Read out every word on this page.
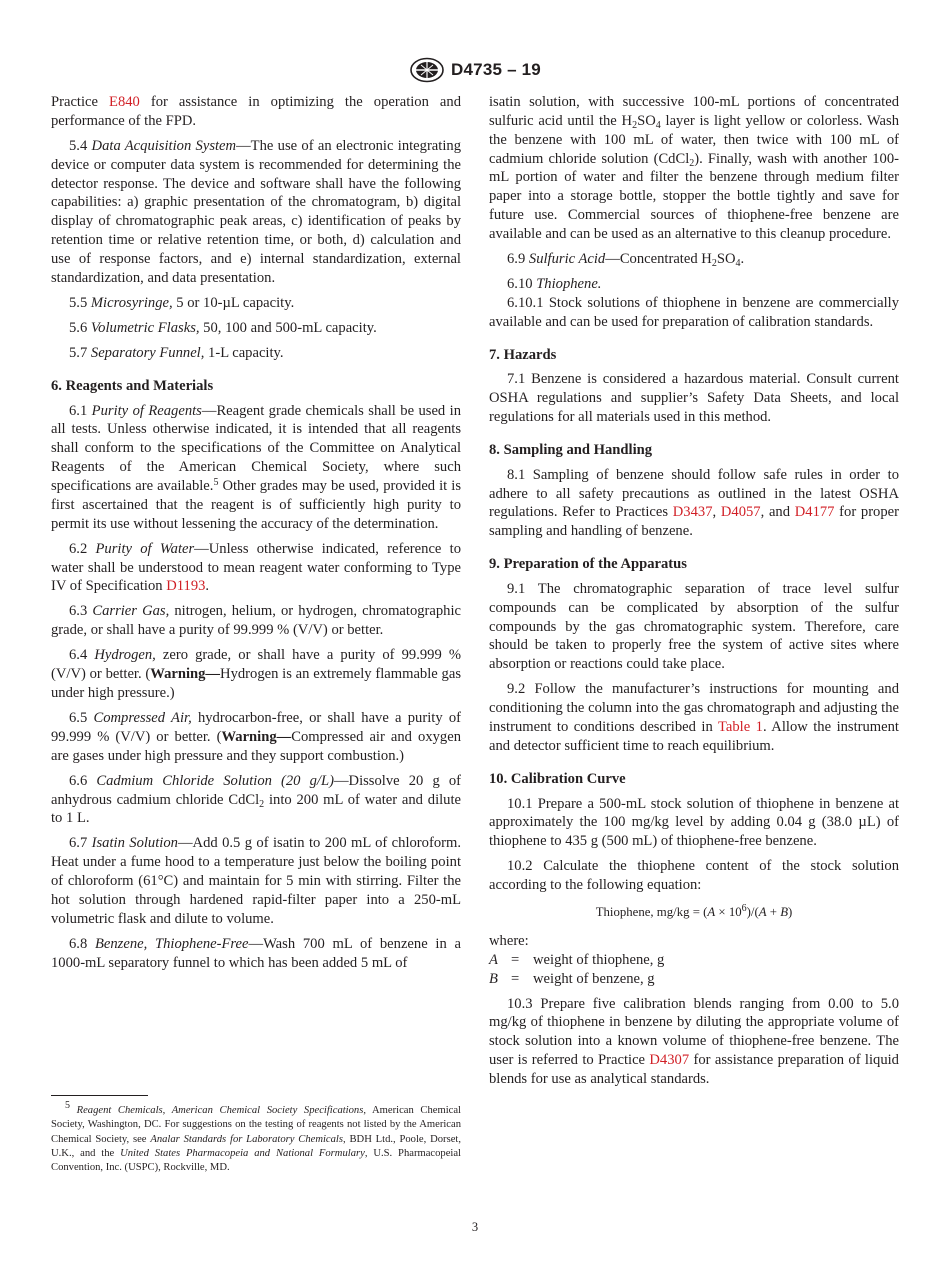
D4735 – 19

Practice E840 for assistance in optimizing the operation and performance of the FPD.

5.4 Data Acquisition System—The use of an electronic integrating device or computer data system is recommended for determining the detector response. The device and software shall have the following capabilities: a) graphic presentation of the chromatogram, b) digital display of chromatographic peak areas, c) identification of peaks by retention time or relative retention time, or both, d) calculation and use of response factors, and e) internal standardization, external standardization, and data presentation.

5.5 Microsyringe, 5 or 10-µL capacity.

5.6 Volumetric Flasks, 50, 100 and 500-mL capacity.

5.7 Separatory Funnel, 1-L capacity.

6. Reagents and Materials

6.1 Purity of Reagents—Reagent grade chemicals shall be used in all tests. Unless otherwise indicated, it is intended that all reagents shall conform to the specifications of the Committee on Analytical Reagents of the American Chemical Society, where such specifications are available.$^5$ Other grades may be used, provided it is first ascertained that the reagent is of sufficiently high purity to permit its use without lessening the accuracy of the determination.

6.2 Purity of Water—Unless otherwise indicated, reference to water shall be understood to mean reagent water conforming to Type IV of Specification D1193.

6.3 Carrier Gas, nitrogen, helium, or hydrogen, chromatographic grade, or shall have a purity of 99.999 % (V/V) or better.

6.4 Hydrogen, zero grade, or shall have a purity of 99.999 % (V/V) or better. (Warning—Hydrogen is an extremely flammable gas under high pressure.)

6.5 Compressed Air, hydrocarbon-free, or shall have a purity of 99.999 % (V/V) or better. (Warning—Compressed air and oxygen are gases under high pressure and they support combustion.)

6.6 Cadmium Chloride Solution (20 g/L)—Dissolve 20 g of anhydrous cadmium chloride CdCl$_2$ into 200 mL of water and dilute to 1 L.

6.7 Isatin Solution—Add 0.5 g of isatin to 200 mL of chloroform. Heat under a fume hood to a temperature just below the boiling point of chloroform (61°C) and maintain for 5 min with stirring. Filter the hot solution through hardened rapid-filter paper into a 250-mL volumetric flask and dilute to volume.

6.8 Benzene, Thiophene-Free—Wash 700 mL of benzene in a 1000-mL separatory funnel to which has been added 5 mL of

$^5$ Reagent Chemicals, American Chemical Society Specifications, American Chemical Society, Washington, DC. For suggestions on the testing of reagents not listed by the American Chemical Society, see Analar Standards for Laboratory Chemicals, BDH Ltd., Poole, Dorset, U.K., and the United States Pharmacopeia and National Formulary, U.S. Pharmacopeial Convention, Inc. (USPC), Rockville, MD.

isatin solution, with successive 100-mL portions of concentrated sulfuric acid until the $H_2SO_4$ layer is light yellow or colorless. Wash the benzene with 100 mL of water, then twice with 100 mL of cadmium chloride solution (CdCl$_2$). Finally, wash with another 100-mL portion of water and filter the benzene through medium filter paper into a storage bottle, stopper the bottle tightly and save for future use. Commercial sources of thiophene-free benzene are available and can be used as an alternative to this cleanup procedure.

6.9 Sulfuric Acid—Concentrated $H_2SO_4$.

6.10 Thiophene.

6.10.1 Stock solutions of thiophene in benzene are commercially available and can be used for preparation of calibration standards.

7. Hazards

7.1 Benzene is considered a hazardous material. Consult current OSHA regulations and supplier’s Safety Data Sheets, and local regulations for all materials used in this method.

8. Sampling and Handling

8.1 Sampling of benzene should follow safe rules in order to adhere to all safety precautions as outlined in the latest OSHA regulations. Refer to Practices D3437, D4057, and D4177 for proper sampling and handling of benzene.

9. Preparation of the Apparatus

9.1 The chromatographic separation of trace level sulfur compounds can be complicated by absorption of the sulfur compounds by the gas chromatographic system. Therefore, care should be taken to properly free the system of active sites where absorption or reactions could take place.

9.2 Follow the manufacturer’s instructions for mounting and conditioning the column into the gas chromatograph and adjusting the instrument to conditions described in Table 1. Allow the instrument and detector sufficient time to reach equilibrium.

10. Calibration Curve

10.1 Prepare a 500-mL stock solution of thiophene in benzene at approximately the 100 mg/kg level by adding 0.04 g (38.0 µL) of thiophene to 435 g (500 mL) of thiophene-free benzene.

10.2 Calculate the thiophene content of the stock solution according to the following equation:

Thiophene, $mg/kg = (A \times 10^6)/(A + B)$

where:

A = weight of thiophene, g
B = weight of benzene, g

10.3 Prepare five calibration blends ranging from 0.00 to 5.0 mg/kg of thiophene in benzene by diluting the appropriate volume of stock solution into a known volume of thiophene-free benzene. The user is referred to Practice D4307 for assistance preparation of liquid blends for use as analytical standards.

3
